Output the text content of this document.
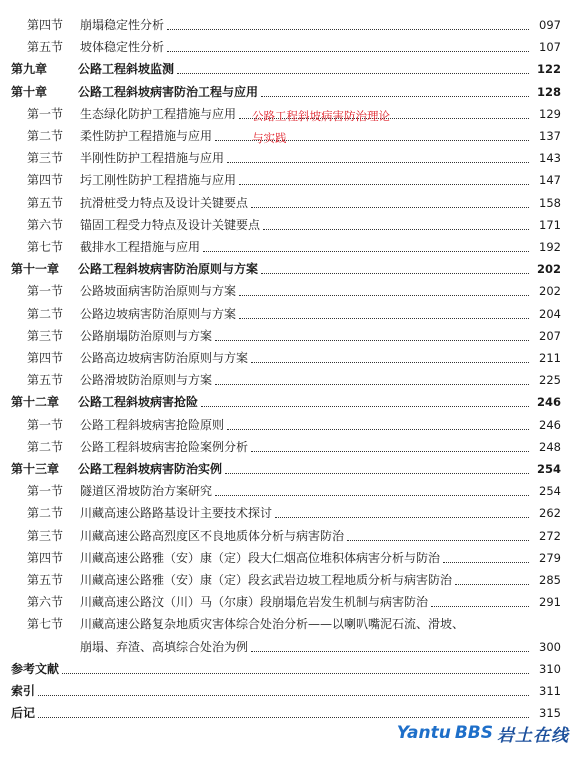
第四节 崩塌稳定性分析	097
第五节 坡体稳定性分析	107
第九章	公路工程斜坡监测	122
第十章	公路工程斜坡病害防治工程与应用	128
第一节 生态绿化防护工程措施与应用	129
第二节 柔性防护工程措施与应用	137
第三节 半刚性防护工程措施与应用	143
第四节 圬工刚性防护工程措施与应用	147
第五节 抗滑桩受力特点及设计关键要点	158
第六节 锚固工程受力特点及设计关键要点	171
第七节 截排水工程措施与应用	192
第十一章 公路工程斜坡病害防治原则与方案	202
第一节 公路坡面病害防治原则与方案	202
第二节 公路边坡病害防治原则与方案	204
第三节 公路崩塌防治原则与方案	207
第四节 公路高边坡病害防治原则与方案	211
第五节 公路滑坡防治原则与方案	225
第十二章 公路工程斜坡病害抢险	246
第一节 公路工程斜坡病害抢险原则	246
第二节 公路工程斜坡病害抢险案例分析	248
第十三章 公路工程斜坡病害防治实例	254
第一节 隧道区滑坡防治方案研究	254
第二节 川藏高速公路路基设计主要技术探讨	262
第三节 川藏高速公路高烈度区不良地质体分析与病害防治	272
第四节 川藏高速公路雅（安）康（定）段大仁烟高位堆积体病害分析与防治	279
第五节 川藏高速公路雅（安）康（定）段玄武岩边坡工程地质分析与病害防治	285
第六节 川藏高速公路汶（川）马（尔康）段崩塌危岩发生机制与病害防治	291
第七节 川藏高速公路复杂地质灾害体综合处治分析——以喇叭嘴泥石流、滑坡、
崩塌、弃渣、高填综合处治为例	300
参考文献	310
索引	311
后记	315
公路工程斜坡病害防治理论
与实践
Yantu BBS 岩土在线
